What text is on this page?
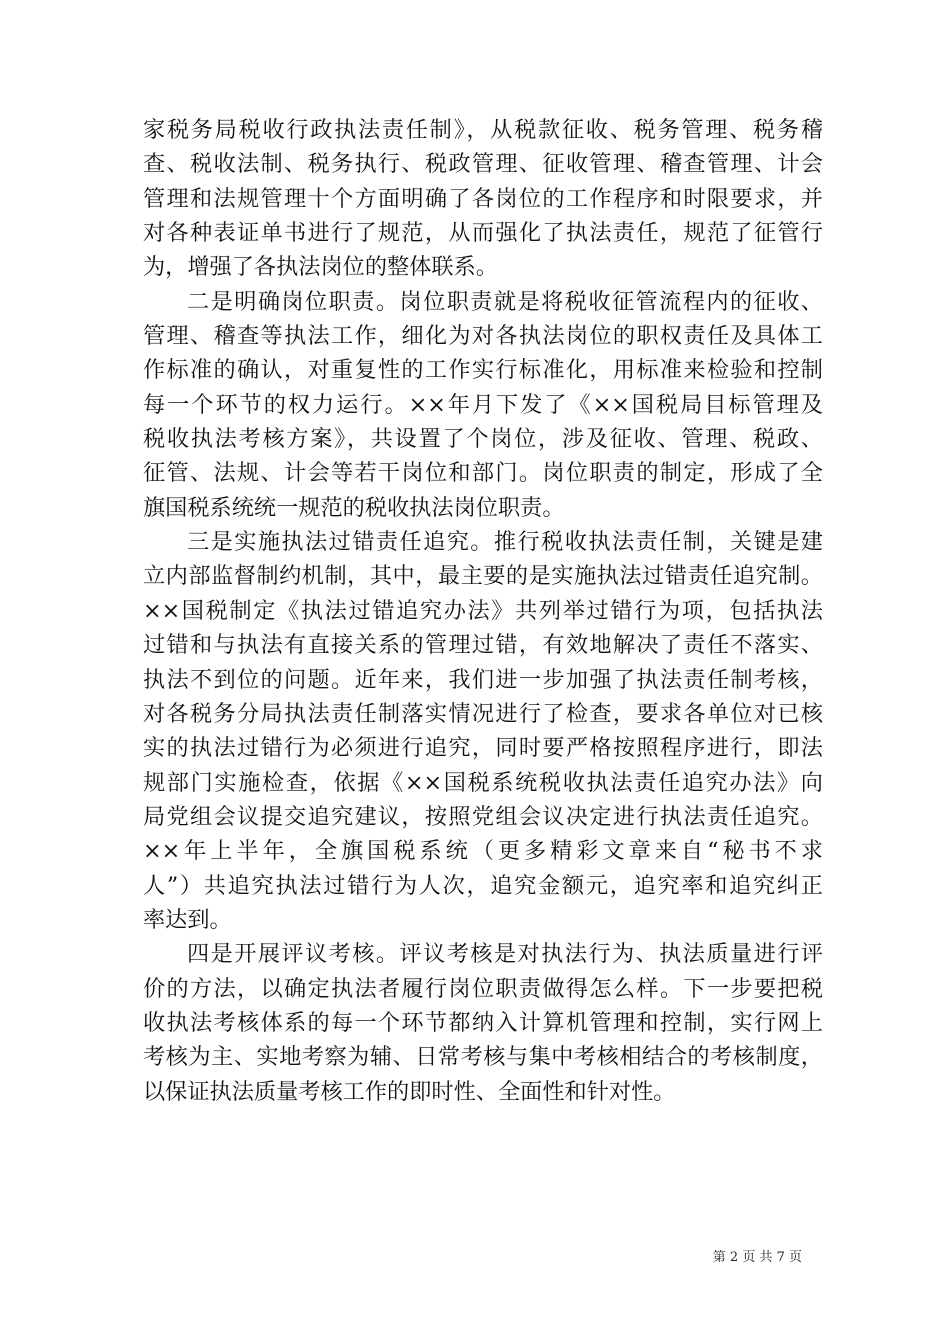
家税务局税收行政执法责任制》，从税款征收、税务管理、税务稽
查、税收法制、税务执行、税政管理、征收管理、稽查管理、计会
管理和法规管理十个方面明确了各岗位的工作程序和时限要求，并
对各种表证单书进行了规范，从而强化了执法责任，规范了征管行
为，增强了各执法岗位的整体联系。
二是明确岗位职责。岗位职责就是将税收征管流程内的征收、
管理、稽查等执法工作，细化为对各执法岗位的职权责任及具体工
作标准的确认，对重复性的工作实行标准化，用标准来检验和控制
每一个环节的权力运行。××年月下发了《××国税局目标管理及
税收执法考核方案》，共设置了个岗位，涉及征收、管理、税政、
征管、法规、计会等若干岗位和部门。岗位职责的制定，形成了全
旗国税系统统一规范的税收执法岗位职责。
三是实施执法过错责任追究。推行税收执法责任制，关键是建
立内部监督制约机制，其中，最主要的是实施执法过错责任追究制。
××国税制定《执法过错追究办法》共列举过错行为项，包括执法
过错和与执法有直接关系的管理过错，有效地解决了责任不落实、
执法不到位的问题。近年来，我们进一步加强了执法责任制考核，
对各税务分局执法责任制落实情况进行了检查，要求各单位对已核
实的执法过错行为必须进行追究，同时要严格按照程序进行，即法
规部门实施检查，依据《××国税系统税收执法责任追究办法》向
局党组会议提交追究建议，按照党组会议决定进行执法责任追究。
××年上半年，全旗国税系统（更多精彩文章来自“秘书不求
人”）共追究执法过错行为人次，追究金额元，追究率和追究纠正
率达到。
四是开展评议考核。评议考核是对执法行为、执法质量进行评
价的方法，以确定执法者履行岗位职责做得怎么样。下一步要把税
收执法考核体系的每一个环节都纳入计算机管理和控制，实行网上
考核为主、实地考察为辅、日常考核与集中考核相结合的考核制度，
以保证执法质量考核工作的即时性、全面性和针对性。
第 2 页 共 7 页
